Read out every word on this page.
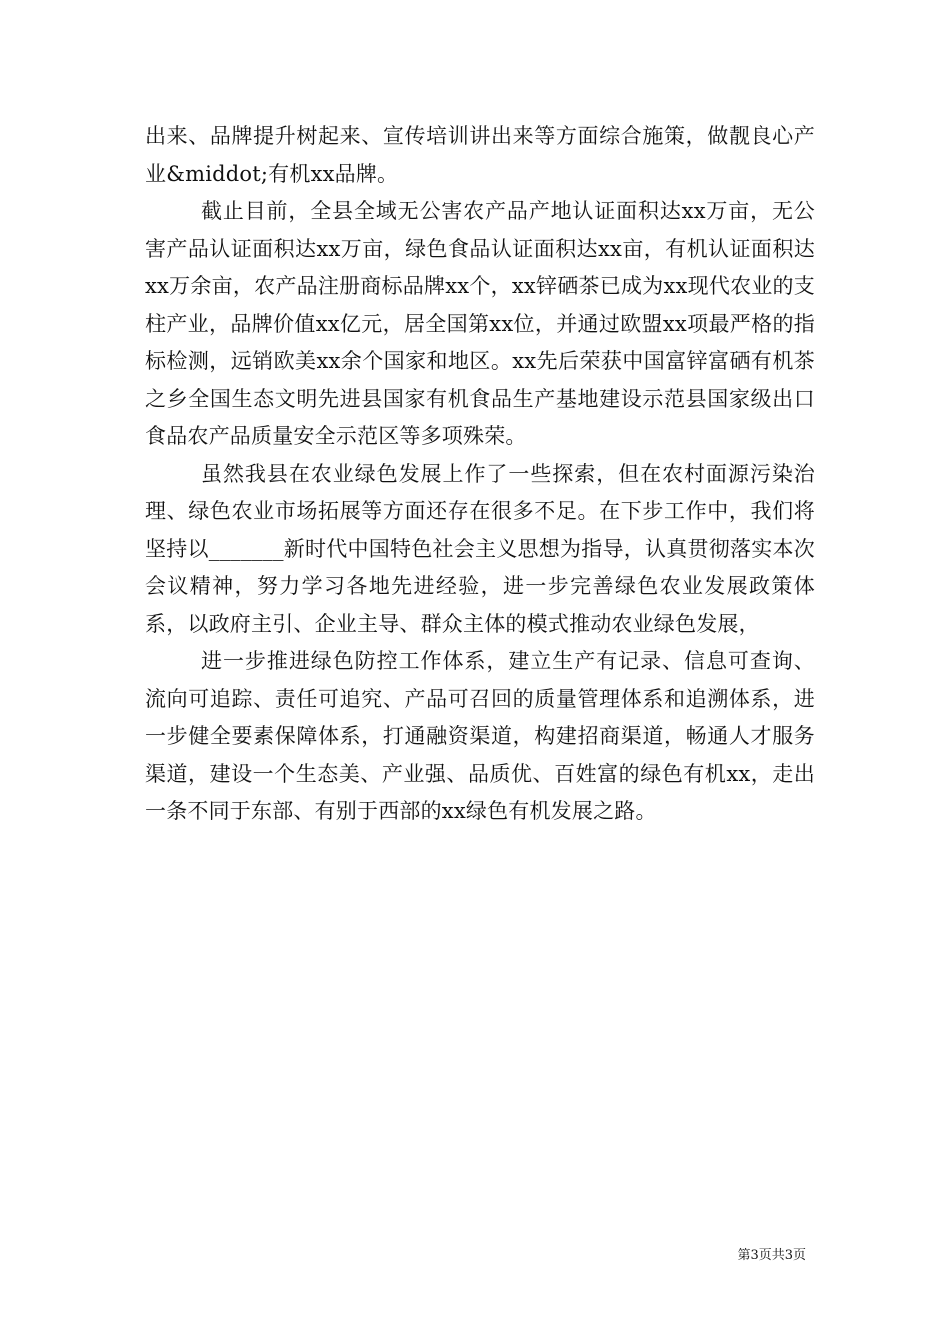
出来、品牌提升树起来、宣传培训讲出来等方面综合施策，做靓良心产业&middot;有机xx品牌。

截止目前，全县全域无公害农产品产地认证面积达xx万亩，无公害产品认证面积达xx万亩，绿色食品认证面积达xx亩，有机认证面积达xx万余亩，农产品注册商标品牌xx个，xx锌硒茶已成为xx现代农业的支柱产业，品牌价值xx亿元，居全国第xx位，并通过欧盟xx项最严格的指标检测，远销欧美xx余个国家和地区。xx先后荣获中国富锌富硒有机茶之乡全国生态文明先进县国家有机食品生产基地建设示范县国家级出口食品农产品质量安全示范区等多项殊荣。

虽然我县在农业绿色发展上作了一些探索，但在农村面源污染治理、绿色农业市场拓展等方面还存在很多不足。在下步工作中，我们将坚持以_______新时代中国特色社会主义思想为指导，认真贯彻落实本次会议精神，努力学习各地先进经验，进一步完善绿色农业发展政策体系，以政府主引、企业主导、群众主体的模式推动农业绿色发展，

进一步推进绿色防控工作体系，建立生产有记录、信息可查询、流向可追踪、责任可追究、产品可召回的质量管理体系和追溯体系，进一步健全要素保障体系，打通融资渠道，构建招商渠道，畅通人才服务渠道，建设一个生态美、产业强、品质优、百姓富的绿色有机xx，走出一条不同于东部、有别于西部的xx绿色有机发展之路。

第3页共3页
